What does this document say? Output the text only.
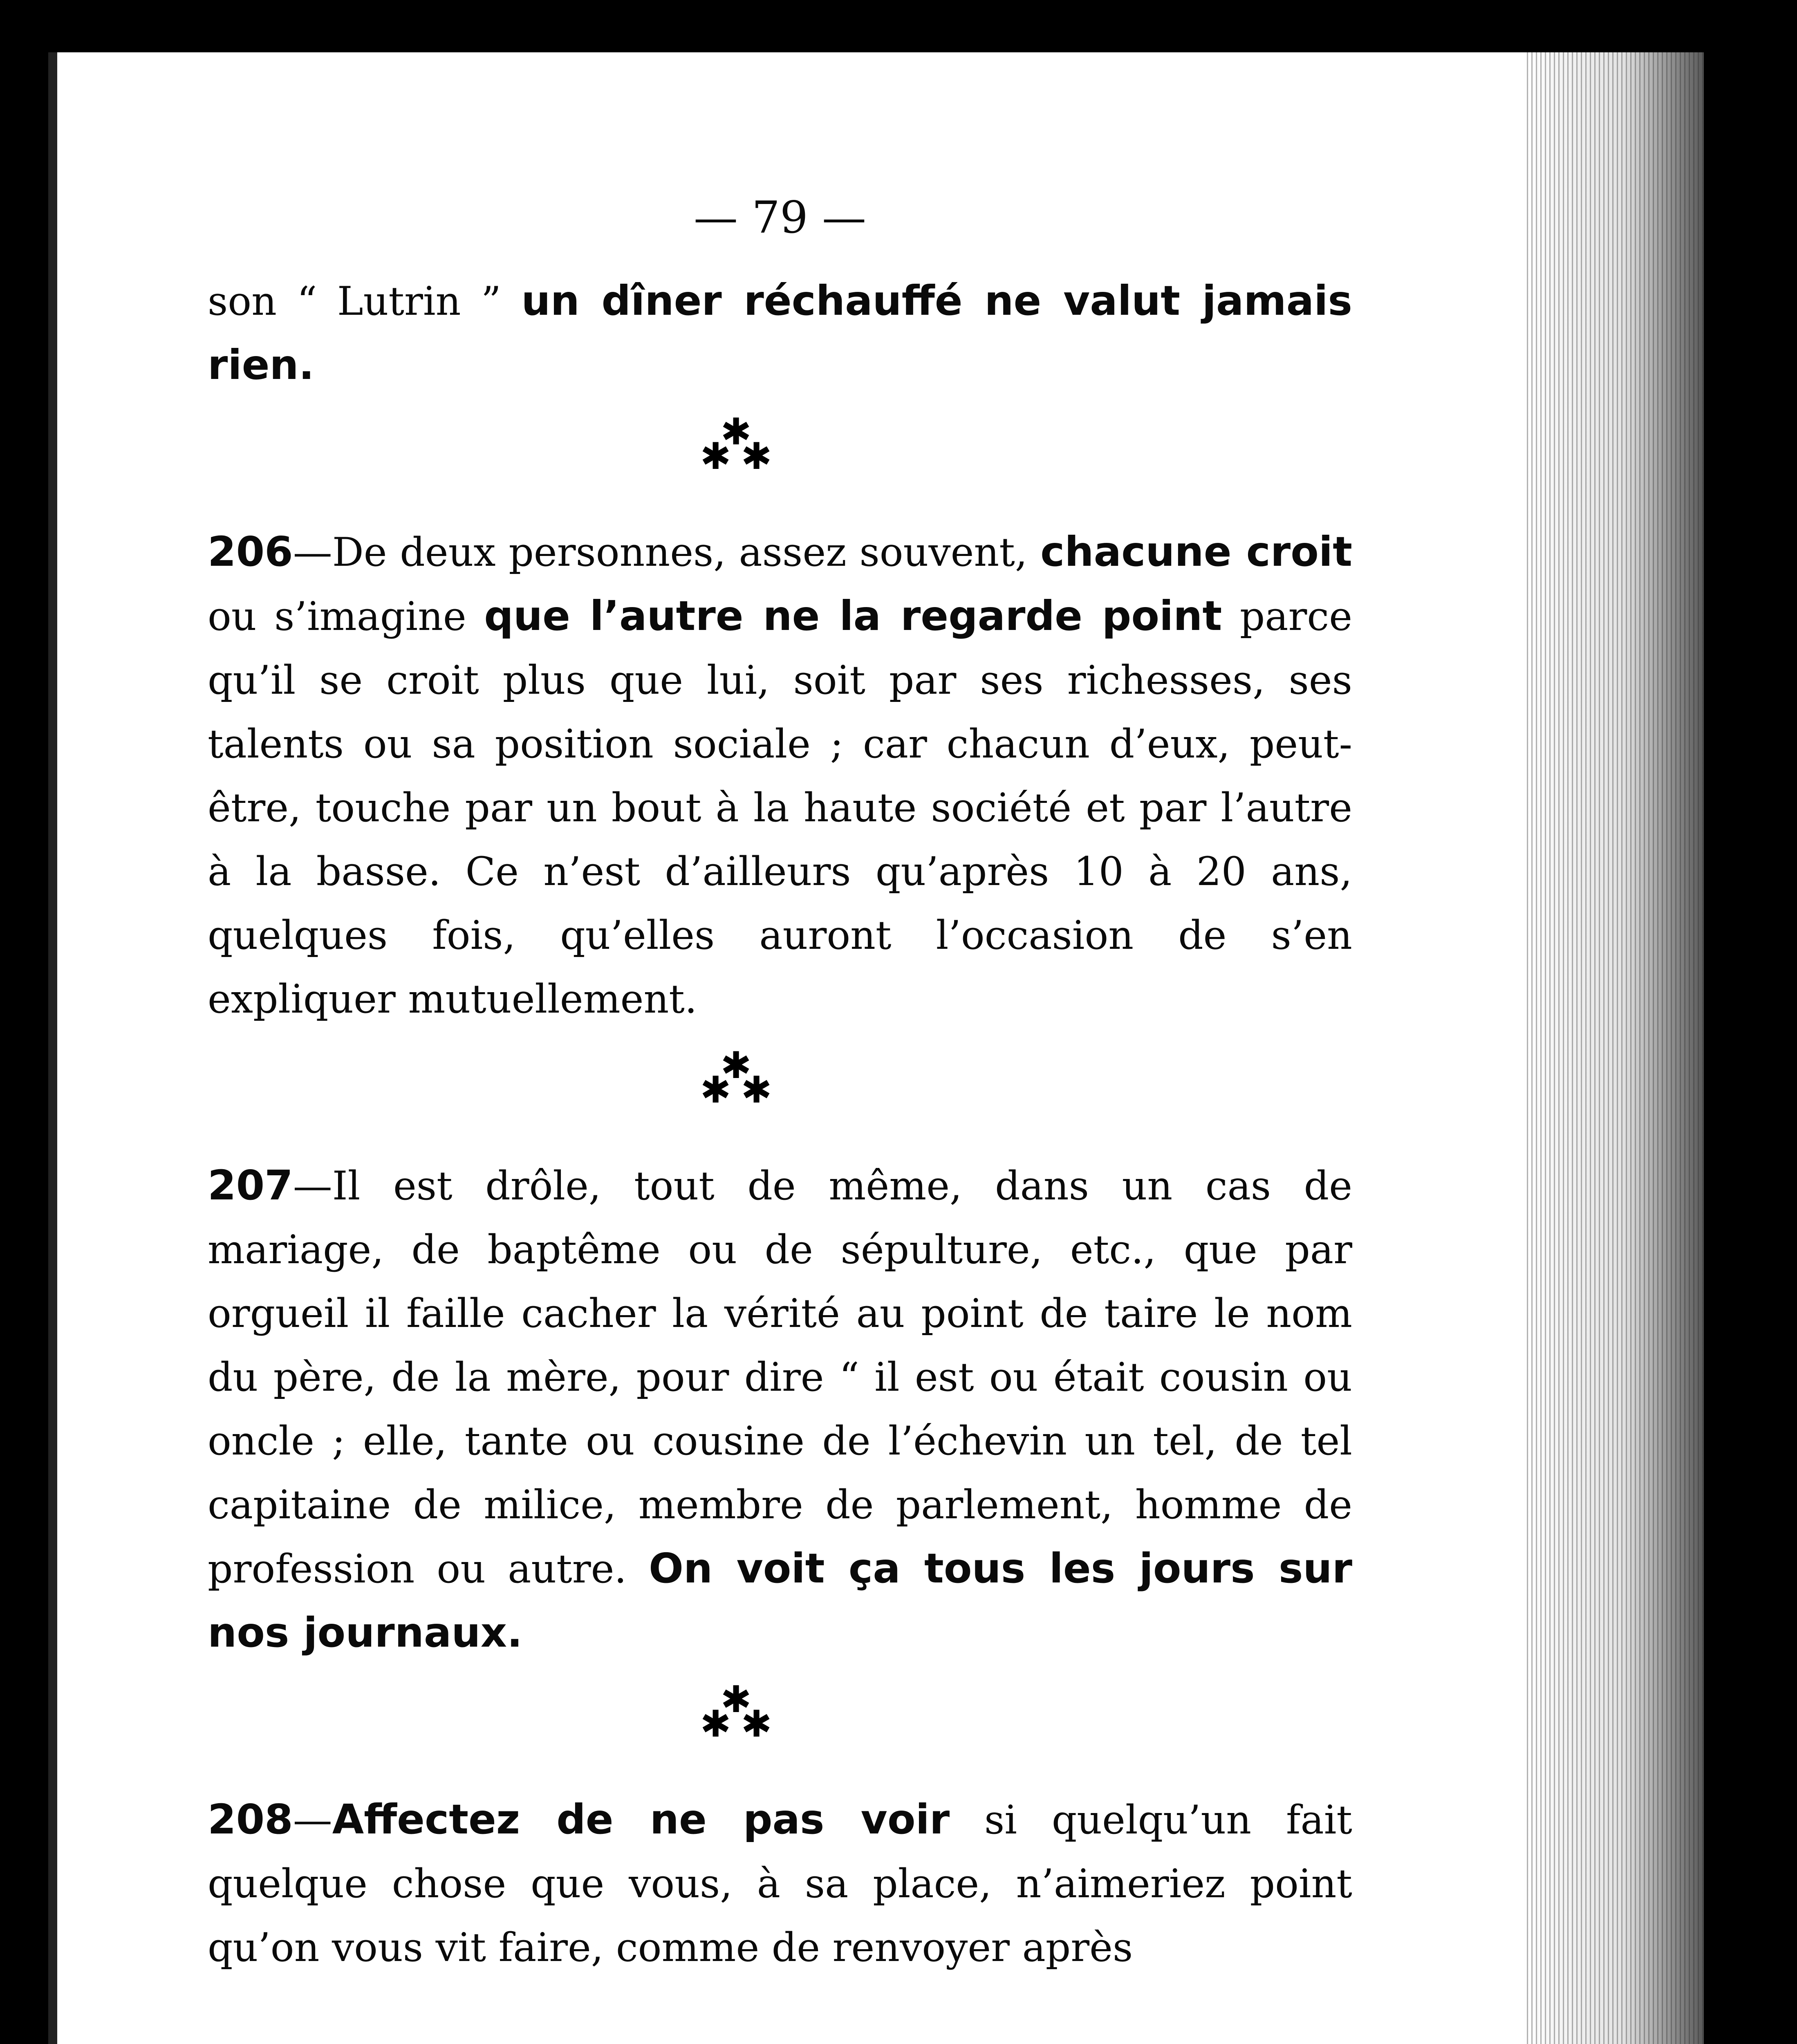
— 79 —

son “ Lutrin ” un dîner réchauffé ne valut jamais rien.

✱
✱ ✱

206—De deux personnes, assez souvent, chacune croit ou s’imagine que l’autre ne la regarde point parce qu’il se croit plus que lui, soit par ses richesses, ses talents ou sa position sociale ; car chacun d’eux, peut-être, touche par un bout à la haute société et par l’autre à la basse. Ce n’est d’ailleurs qu’après 10 à 20 ans, quelques fois, qu’elles auront l’occasion de s’en expliquer mutuellement.

✱
✱ ✱

207—Il est drôle, tout de même, dans un cas de mariage, de baptême ou de sépulture, etc., que par orgueil il faille cacher la vérité au point de taire le nom du père, de la mère, pour dire “ il est ou était cousin ou oncle ; elle, tante ou cousine de l’échevin un tel, de tel capitaine de milice, membre de parlement, homme de profession ou autre. On voit ça tous les jours sur nos journaux.

✱
✱ ✱

208—Affectez de ne pas voir si quelqu’un fait quelque chose que vous, à sa place, n’aimeriez point qu’on vous vit faire, comme de renvoyer après
